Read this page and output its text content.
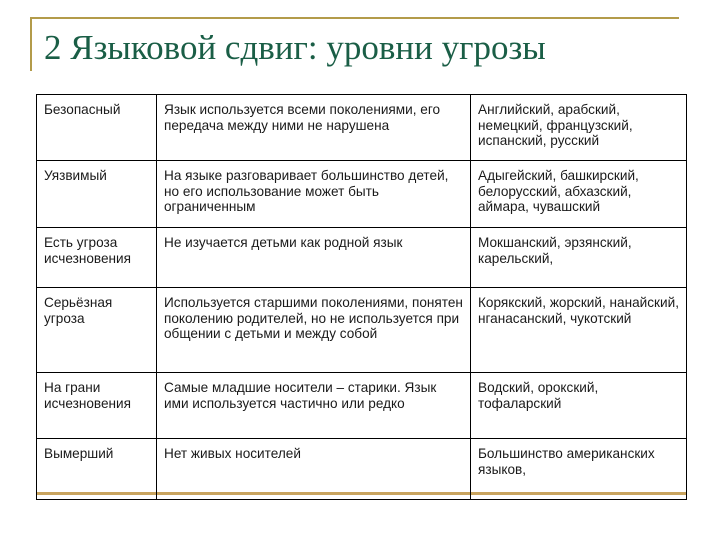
2 Языковой сдвиг: уровни угрозы
Безопасный	Язык используется всеми поколениями, его передача между ними не нарушена	Английский, арабский, немецкий, французский, испанский, русский
Уязвимый	На языке разговаривает большинство детей, но его использование может быть ограниченным	Адыгейский, башкирский, белорусский, абхазский, аймара, чувашский
Есть угроза исчезновения	Не изучается детьми как родной язык	Мокшанский, эрзянский, карельский,
Серьёзная угроза	Используется старшими поколениями, понятен поколению родителей, но не используется при общении с детьми и между собой	Корякский, жорский, нанайский, нганасанский, чукотский
На грани исчезновения	Самые младшие носители – старики. Язык ими используется частично или редко	Водский, орокский, тофаларский
Вымерший	Нет живых носителей	Большинство американских языков,
